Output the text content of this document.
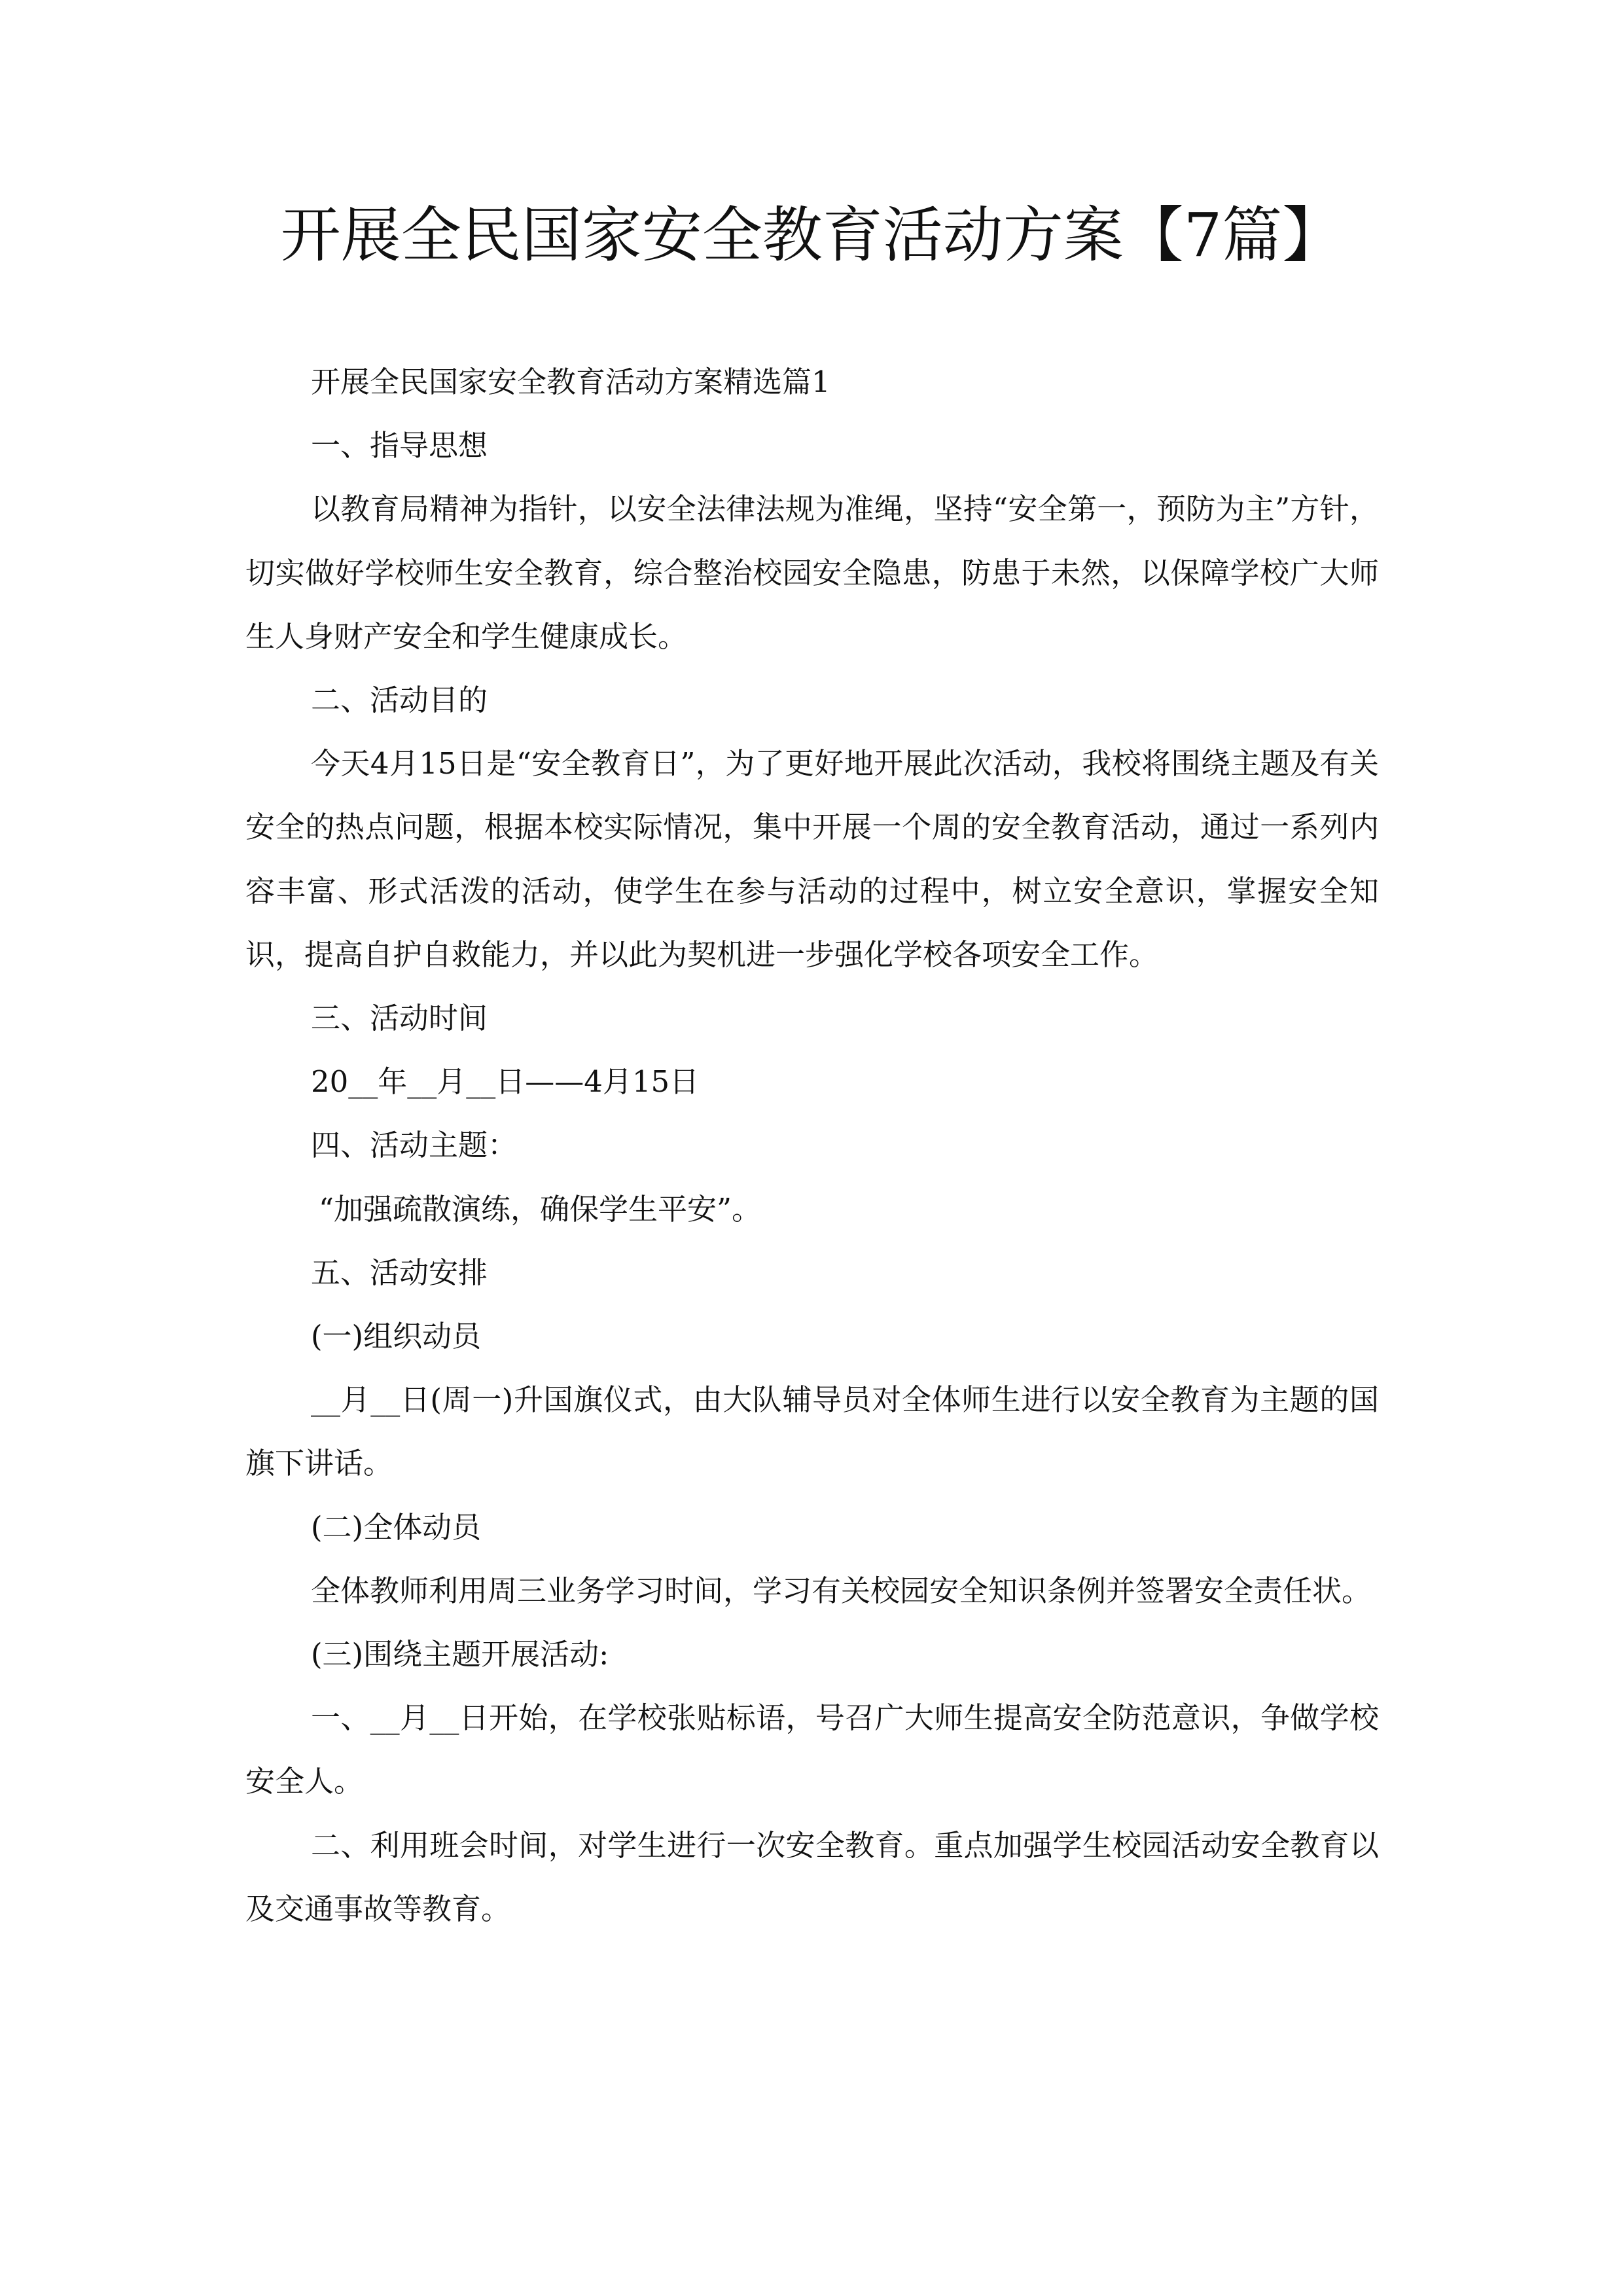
开展全民国家安全教育活动方案【7篇】

开展全民国家安全教育活动方案精选篇1

一、指导思想

以教育局精神为指针，以安全法律法规为准绳，坚持“安全第一，预防为主”方针，切实做好学校师生安全教育，综合整治校园安全隐患，防患于未然，以保障学校广大师生人身财产安全和学生健康成长。

二、活动目的

今天4月15日是“安全教育日”，为了更好地开展此次活动，我校将围绕主题及有关安全的热点问题，根据本校实际情况，集中开展一个周的安全教育活动，通过一系列内容丰富、形式活泼的活动，使学生在参与活动的过程中，树立安全意识，掌握安全知识，提高自护自救能力，并以此为契机进一步强化学校各项安全工作。

三、活动时间

20__年__月__日——4月15日

四、活动主题：

“加强疏散演练，确保学生平安”。

五、活动安排

(一)组织动员

__月__日(周一)升国旗仪式，由大队辅导员对全体师生进行以安全教育为主题的国旗下讲话。

(二)全体动员

全体教师利用周三业务学习时间，学习有关校园安全知识条例并签署安全责任状。

(三)围绕主题开展活动:

一、__月__日开始，在学校张贴标语，号召广大师生提高安全防范意识，争做学校安全人。

二、利用班会时间，对学生进行一次安全教育。重点加强学生校园活动安全教育以及交通事故等教育。
